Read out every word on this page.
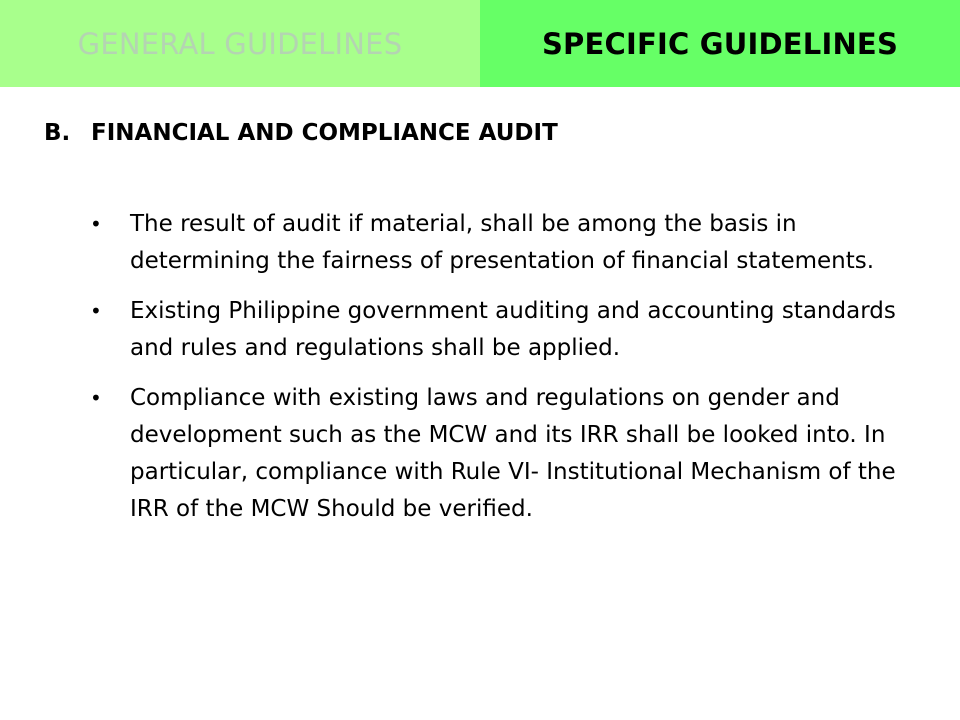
GENERAL GUIDELINES	SPECIFIC GUIDELINES
B. FINANCIAL AND COMPLIANCE AUDIT
• The result of audit if material, shall be among the basis in determining the fairness of presentation of financial statements.
• Existing Philippine government auditing and accounting standards and rules and regulations shall be applied.
• Compliance with existing laws and regulations on gender and development such as the MCW and its IRR shall be looked into. In particular, compliance with Rule VI- Institutional Mechanism of the IRR of the MCW Should be verified.
